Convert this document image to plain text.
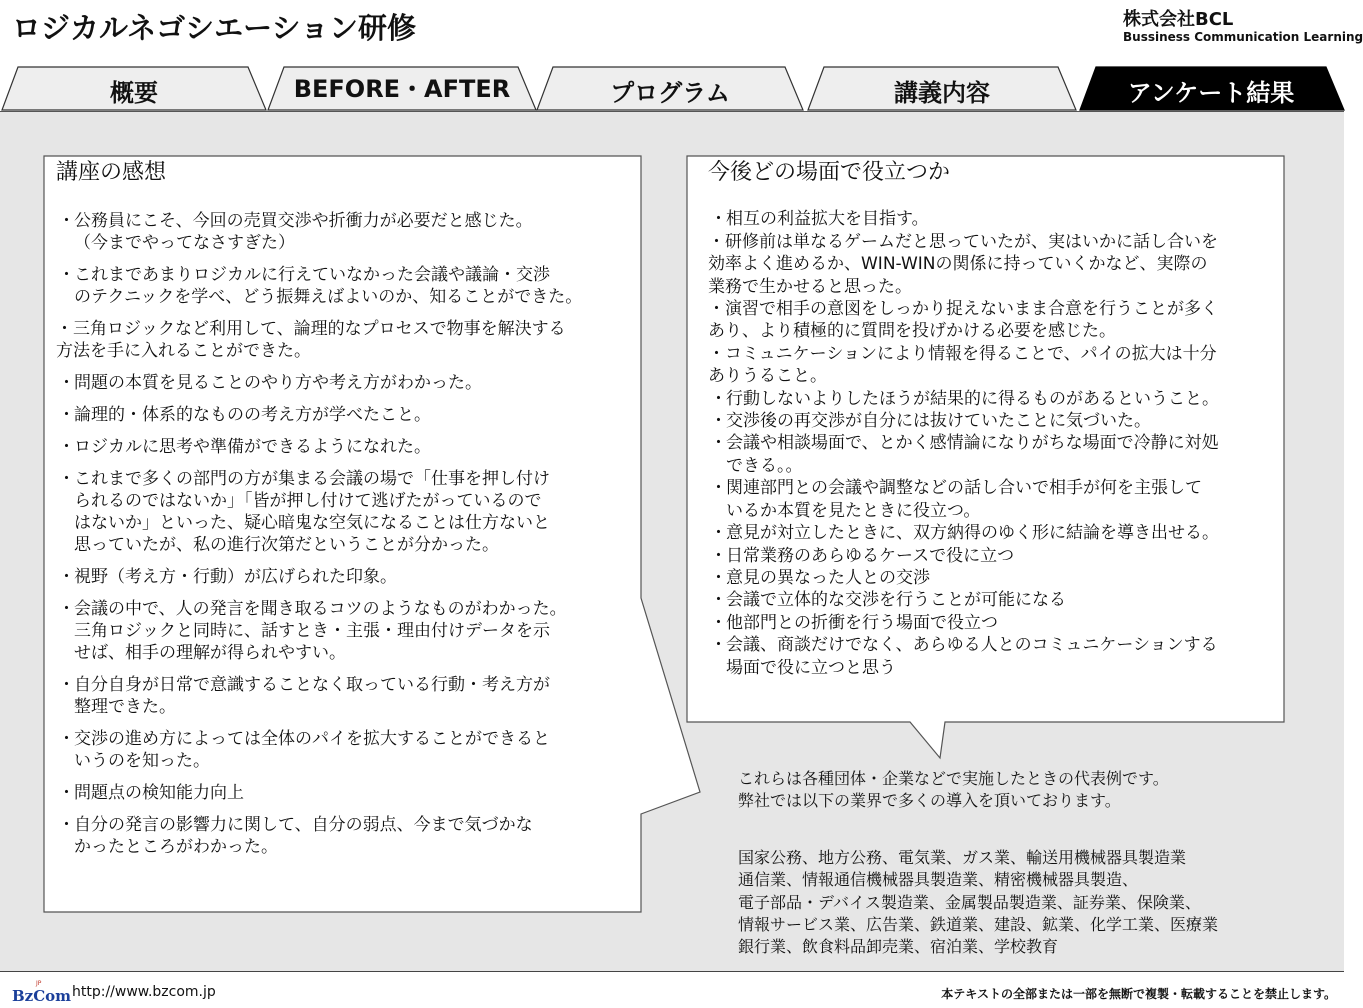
ロジカルネゴシエーション研修	株式会社BCL
Bussiness Communication Learning
概要	BEFORE・AFTER	プログラム	講義内容	アンケート結果
講座の感想
・ 公務員にこそ、今回の売買交渉や折衝力が必要だと感じた。
（今までやってなさすぎた）
・ これまであまりロジカルに行えていなかった会議や議論・交渉
のテクニックを学べ、どう振舞えばよいのか、知ることができた。
・三角ロジックなど利用して、論理的なプロセスで物事を解決する
方法を手に入れることができた。
・ 問題の本質を見ることのやり方や考え方がわかった。
・ 論理的・体系的なものの考え方が学べたこと。
・ ロジカルに思考や準備ができるようになれた。
・ これまで多くの部門の方が集まる会議の場で「仕事を押し付け
られるのではないか」「皆が押し付けて逃げたがっているので
はないか」といった、疑心暗鬼な空気になることは仕方ないと
思っていたが、私の進行次第だということが分かった。
・ 視野（考え方・行動）が広げられた印象。
・ 会議の中で、人の発言を聞き取るコツのようなものがわかった。
三角ロジックと同時に、話すとき・主張・理由付けデータを示
せば、相手の理解が得られやすい。
・ 自分自身が日常で意識することなく取っている行動・考え方が
整理できた。
・ 交渉の進め方によっては全体のパイを拡大することができると
いうのを知った。
・ 問題点の検知能力向上
・ 自分の発言の影響力に関して、自分の弱点、今まで気づかな
かったところがわかった。
今後どの場面で役立つか
・ 相互の利益拡大を目指す。
・研修前は単なるゲームだと思っていたが、実はいかに話し合いを
効率よく進めるか、WIN-WINの関係に持っていくかなど、実際の
業務で生かせると思った。
・演習で相手の意図をしっかり捉えないまま合意を行うことが多く
あり、より積極的に質問を投げかける必要を感じた。
・コミュニケーションにより情報を得ることで、パイの拡大は十分
ありうること。
・ 行動しないよりしたほうが結果的に得るものがあるということ。
・ 交渉後の再交渉が自分には抜けていたことに気づいた。
・ 会議や相談場面で、とかく感情論になりがちな場面で冷静に対処
できる。。
・ 関連部門との会議や調整などの話し合いで相手が何を主張して
いるか本質を見たときに役立つ。
・ 意見が対立したときに、双方納得のゆく形に結論を導き出せる。
・ 日常業務のあらゆるケースで役に立つ
・ 意見の異なった人との交渉
・ 会議で立体的な交渉を行うことが可能になる
・ 他部門との折衝を行う場面で役立つ
・ 会議、商談だけでなく、あらゆる人とのコミュニケーションする
場面で役に立つと思う
これらは各種団体・企業などで実施したときの代表例です。
弊社では以下の業界で多くの導入を頂いております。
国家公務、地方公務、電気業、ガス業、輸送用機械器具製造業
通信業、情報通信機械器具製造業、精密機械器具製造、
電子部品・デバイス製造業、金属製品製造業、証券業、保険業、
情報サービス業、広告業、鉄道業、建設、鉱業、化学工業、医療業
銀行業、飲食料品卸売業、宿泊業、学校教育
BzCom
JP
http://www.bzcom.jp	本テキストの全部または一部を無断で複製・転載することを禁止します。
